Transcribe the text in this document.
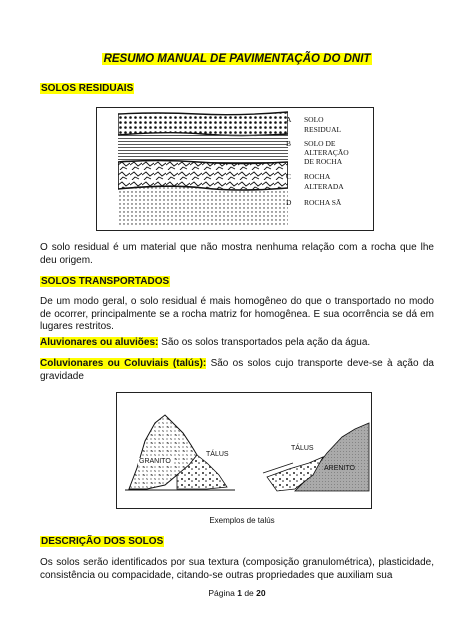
RESUMO MANUAL DE PAVIMENTAÇÃO DO DNIT
SOLOS RESIDUAIS
A SOLO
RESIDUAL
B SOLO DE
ALTERAÇÃO
DE ROCHA
C ROCHA
ALTERADA
D ROCHA SÃ
O solo residual é um material que não mostra nenhuma relação com a rocha que lhe deu origem.
SOLOS TRANSPORTADOS
De um modo geral, o solo residual é mais homogêneo do que o transportado no modo de ocorrer, principalmente se a rocha matriz for homogênea. E sua ocorrência se dá em lugares restritos.
Aluvionares ou aluviões: São os solos transportados pela ação da água.
Coluvionares ou Coluviais (talús): São os solos cujo transporte deve-se à ação da gravidade
GRANITO
TÁLUS
TÁLUS
ARENITO
Exemplos de talús
DESCRIÇÃO DOS SOLOS
Os solos serão identificados por sua textura (composição granulométrica), plasticidade, consistência ou compacidade, citando-se outras propriedades que auxiliam sua
Página 1 de 20
